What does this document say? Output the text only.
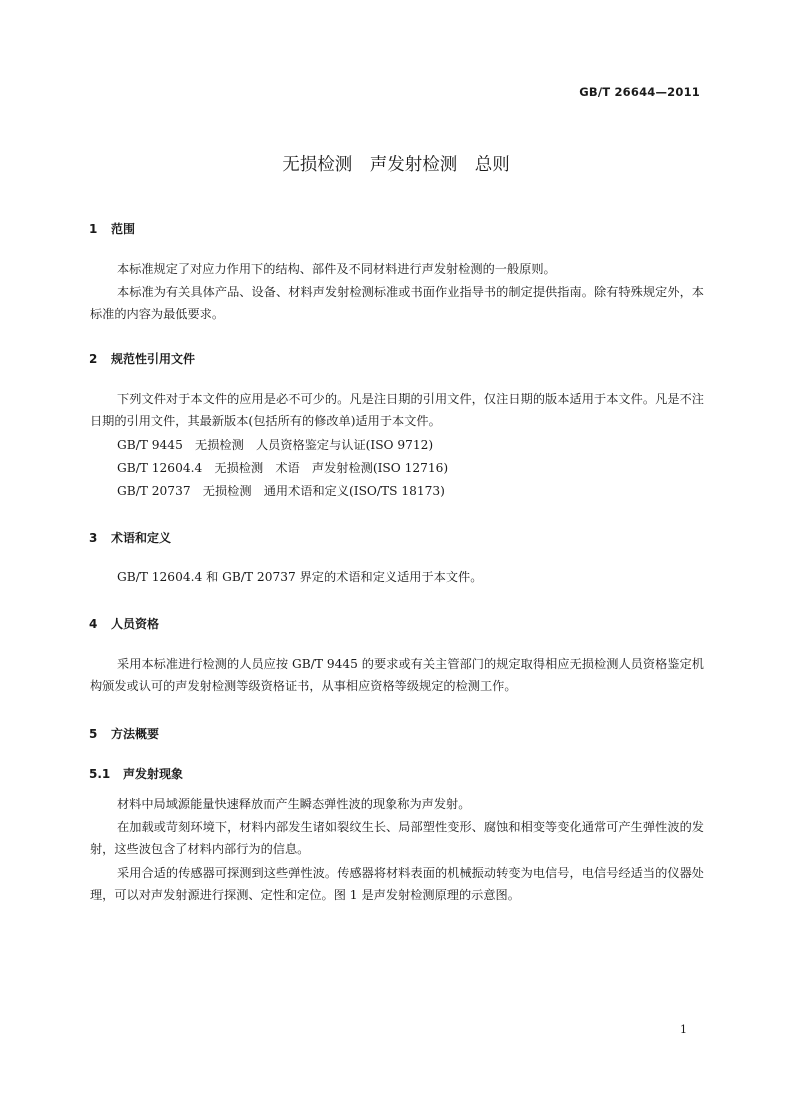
GB/T 26644—2011
无损检测　声发射检测　总则
1 范围

本标准规定了对应力作用下的结构、部件及不同材料进行声发射检测的一般原则。

本标准为有关具体产品、设备、材料声发射检测标准或书面作业指导书的制定提供指南。除有特殊规定外，本标准的内容为最低要求。

2 规范性引用文件

下列文件对于本文件的应用是必不可少的。凡是注日期的引用文件，仅注日期的版本适用于本文件。凡是不注日期的引用文件，其最新版本(包括所有的修改单)适用于本文件。

GB/T 9445　无损检测　人员资格鉴定与认证(ISO 9712)
GB/T 12604.4　无损检测　术语　声发射检测(ISO 12716)
GB/T 20737　无损检测　通用术语和定义(ISO/TS 18173)
3 术语和定义

GB/T 12604.4 和 GB/T 20737 界定的术语和定义适用于本文件。

4 人员资格

采用本标准进行检测的人员应按 GB/T 9445 的要求或有关主管部门的规定取得相应无损检测人员资格鉴定机构颁发或认可的声发射检测等级资格证书，从事相应资格等级规定的检测工作。

5 方法概要
5.1 声发射现象

材料中局域源能量快速释放而产生瞬态弹性波的现象称为声发射。

在加载或苛刻环境下，材料内部发生诸如裂纹生长、局部塑性变形、腐蚀和相变等变化通常可产生弹性波的发射，这些波包含了材料内部行为的信息。

采用合适的传感器可探测到这些弹性波。传感器将材料表面的机械振动转变为电信号，电信号经适当的仪器处理，可以对声发射源进行探测、定性和定位。图 1 是声发射检测原理的示意图。

1
